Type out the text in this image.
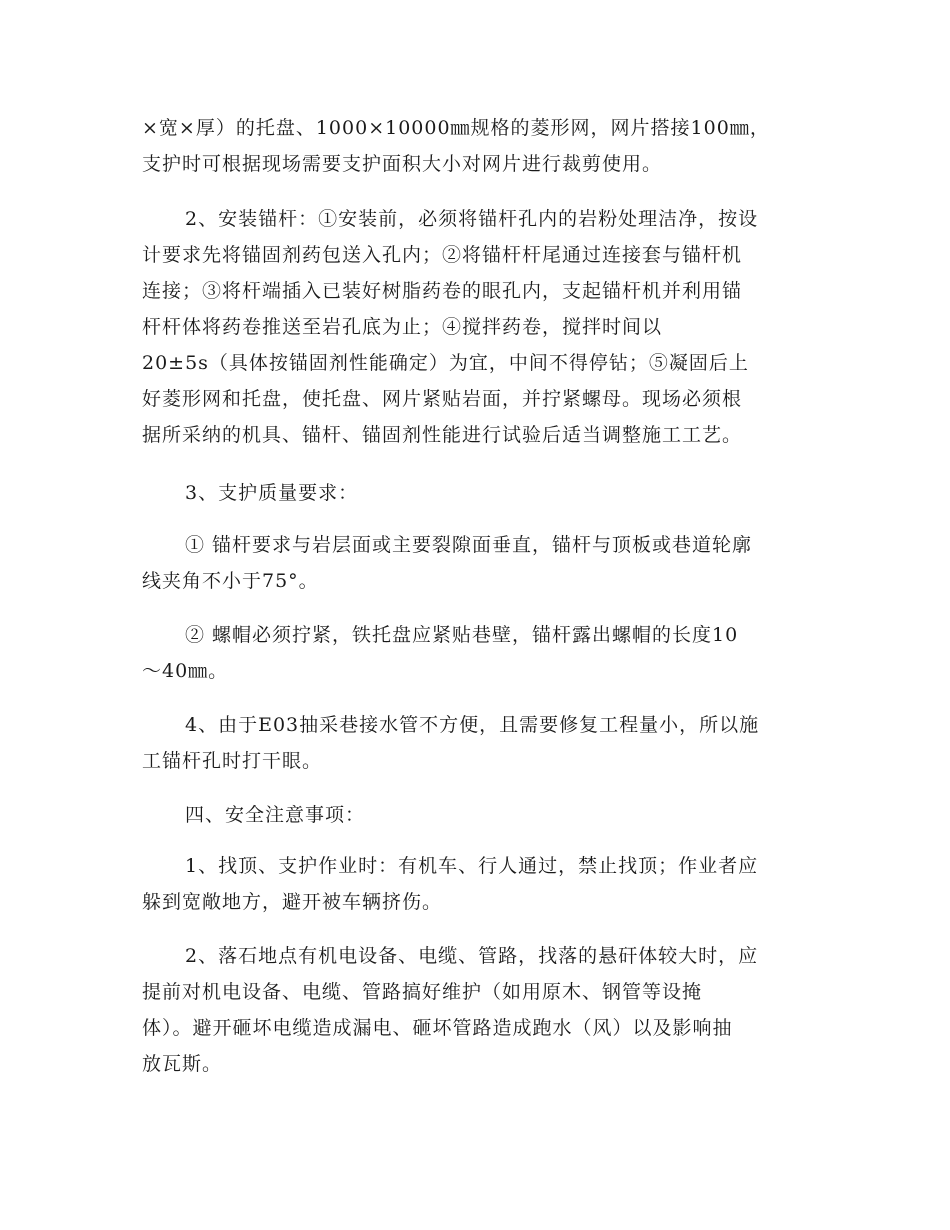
×宽×厚）的托盘、1000×10000㎜规格的菱形网，网片搭接100㎜，
支护时可根据现场需要支护面积大小对网片进行裁剪使用。

2、安装锚杆：①安装前，必须将锚杆孔内的岩粉处理洁净，按设
计要求先将锚固剂药包送入孔内；②将锚杆杆尾通过连接套与锚杆机
连接；③将杆端插入已装好树脂药卷的眼孔内，支起锚杆机并利用锚
杆杆体将药卷推送至岩孔底为止；④搅拌药卷，搅拌时间以
20±5s（具体按锚固剂性能确定）为宜，中间不得停钻；⑤凝固后上
好菱形网和托盘，使托盘、网片紧贴岩面，并拧紧螺母。现场必须根
据所采纳的机具、锚杆、锚固剂性能进行试验后适当调整施工工艺。

3、支护质量要求：

① 锚杆要求与岩层面或主要裂隙面垂直，锚杆与顶板或巷道轮廓
线夹角不小于75°。

② 螺帽必须拧紧，铁托盘应紧贴巷壁，锚杆露出螺帽的长度10
～40㎜。

4、由于E03抽采巷接水管不方便，且需要修复工程量小，所以施
工锚杆孔时打干眼。

四、安全注意事项：

1、找顶、支护作业时：有机车、行人通过，禁止找顶；作业者应
躲到宽敞地方，避开被车辆挤伤。

2、落石地点有机电设备、电缆、管路，找落的悬矸体较大时，应
提前对机电设备、电缆、管路搞好维护（如用原木、钢管等设掩
体）。避开砸坏电缆造成漏电、砸坏管路造成跑水（风）以及影响抽
放瓦斯。
